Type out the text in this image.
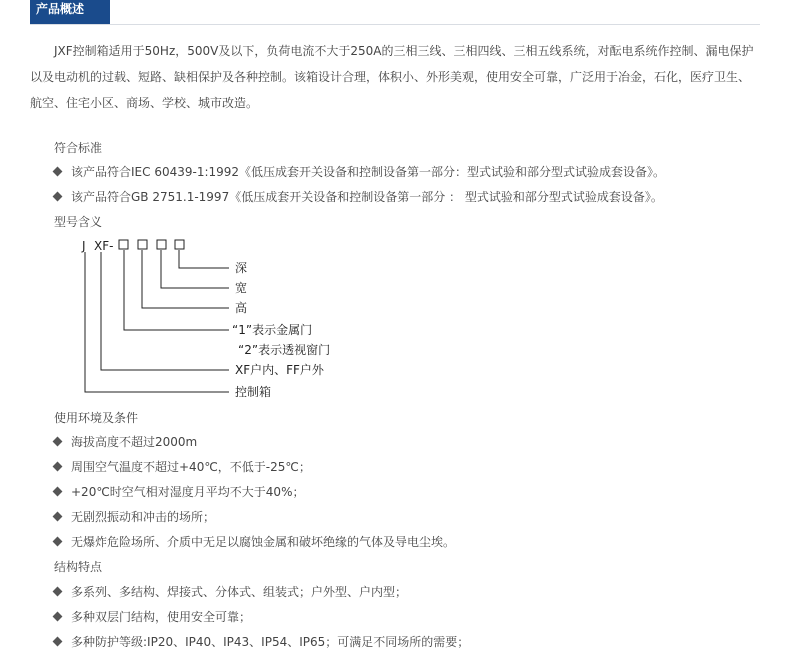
产品概述
JXF控制箱适用于50Hz，500V及以下，负荷电流不大于250A的三相三线、三相四线、三相五线系统，对酝电系统作控制、漏电保护以及电动机的过载、短路、缺相保护及各种控制。该箱设计合理，体积小、外形美观，使用安全可靠，广泛用于冶金，石化，医疗卫生、航空、住宅小区、商场、学校、城市改造。
符合标准
该产品符合IEC 60439-1:1992《低压成套开关设备和控制设备第一部分：型式试验和部分型式试验成套设备》。
该产品符合GB 2751.1-1997《低压成套开关设备和控制设备第一部分 ： 型式试验和部分型式试验成套设备》。
型号含义
J XF-
深
宽
高
“1”表示金属门
“2”表示透视窗门
XF户内、FF户外
控制箱
使用环境及条件
海拔高度不超过2000m
周围空气温度不超过+40℃，不低于-25℃；
+20℃时空气相对湿度月平均不大于40%；
无剧烈振动和冲击的场所；
无爆炸危险场所、介质中无足以腐蚀金属和破坏绝缘的气体及导电尘埃。
结构特点
多系列、多结构、焊接式、分体式、组装式；户外型、户内型；
多种双层门结构，使用安全可靠；
多种防护等级:IP20、IP40、IP43、IP54、IP65；可满足不同场所的需要；
